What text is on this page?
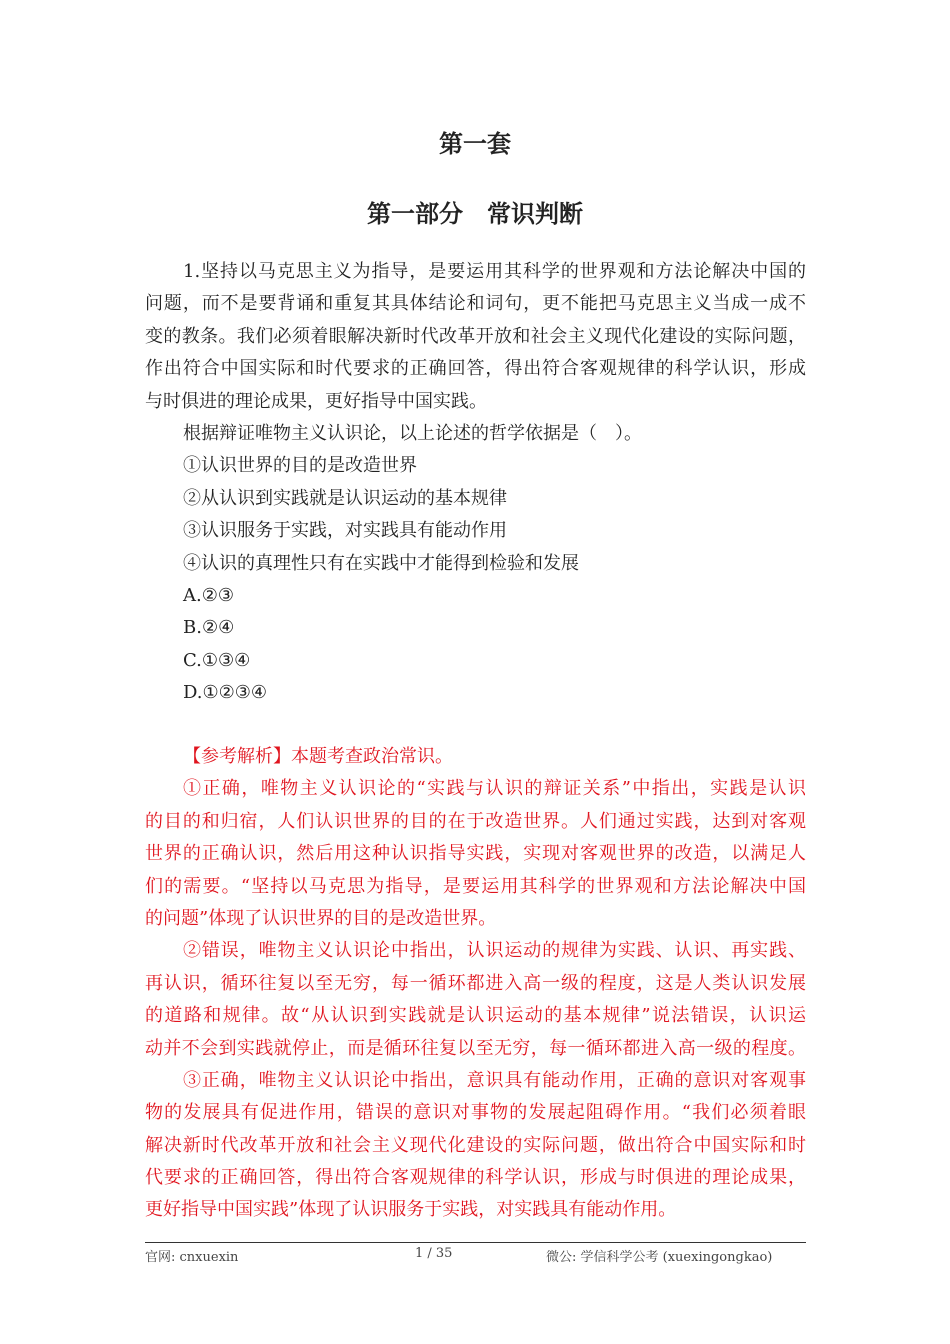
第一套
第一部分　常识判断
1.坚持以马克思主义为指导，是要运用其科学的世界观和方法论解决中国的
问题，而不是要背诵和重复其具体结论和词句，更不能把马克思主义当成一成不
变的教条。我们必须着眼解决新时代改革开放和社会主义现代化建设的实际问题，
作出符合中国实际和时代要求的正确回答，得出符合客观规律的科学认识，形成
与时俱进的理论成果，更好指导中国实践。
根据辩证唯物主义认识论，以上论述的哲学依据是（　）。
①认识世界的目的是改造世界
②从认识到实践就是认识运动的基本规律
③认识服务于实践，对实践具有能动作用
④认识的真理性只有在实践中才能得到检验和发展
A.②③
B.②④
C.①③④
D.①②③④
【参考解析】本题考查政治常识。
①正确，唯物主义认识论的“实践与认识的辩证关系”中指出，实践是认识
的目的和归宿，人们认识世界的目的在于改造世界。人们通过实践，达到对客观
世界的正确认识，然后用这种认识指导实践，实现对客观世界的改造，以满足人
们的需要。“坚持以马克思为指导，是要运用其科学的世界观和方法论解决中国
的问题”体现了认识世界的目的是改造世界。
②错误，唯物主义认识论中指出，认识运动的规律为实践、认识、再实践、
再认识，循环往复以至无穷，每一循环都进入高一级的程度，这是人类认识发展
的道路和规律。故“从认识到实践就是认识运动的基本规律”说法错误，认识运
动并不会到实践就停止，而是循环往复以至无穷，每一循环都进入高一级的程度。
③正确，唯物主义认识论中指出，意识具有能动作用，正确的意识对客观事
物的发展具有促进作用，错误的意识对事物的发展起阻碍作用。“我们必须着眼
解决新时代改革开放和社会主义现代化建设的实际问题，做出符合中国实际和时
代要求的正确回答，得出符合客观规律的科学认识，形成与时俱进的理论成果，
更好指导中国实践”体现了认识服务于实践，对实践具有能动作用。
官网: cnxuexin	1 / 35	微公: 学信科学公考 (xuexingongkao)
